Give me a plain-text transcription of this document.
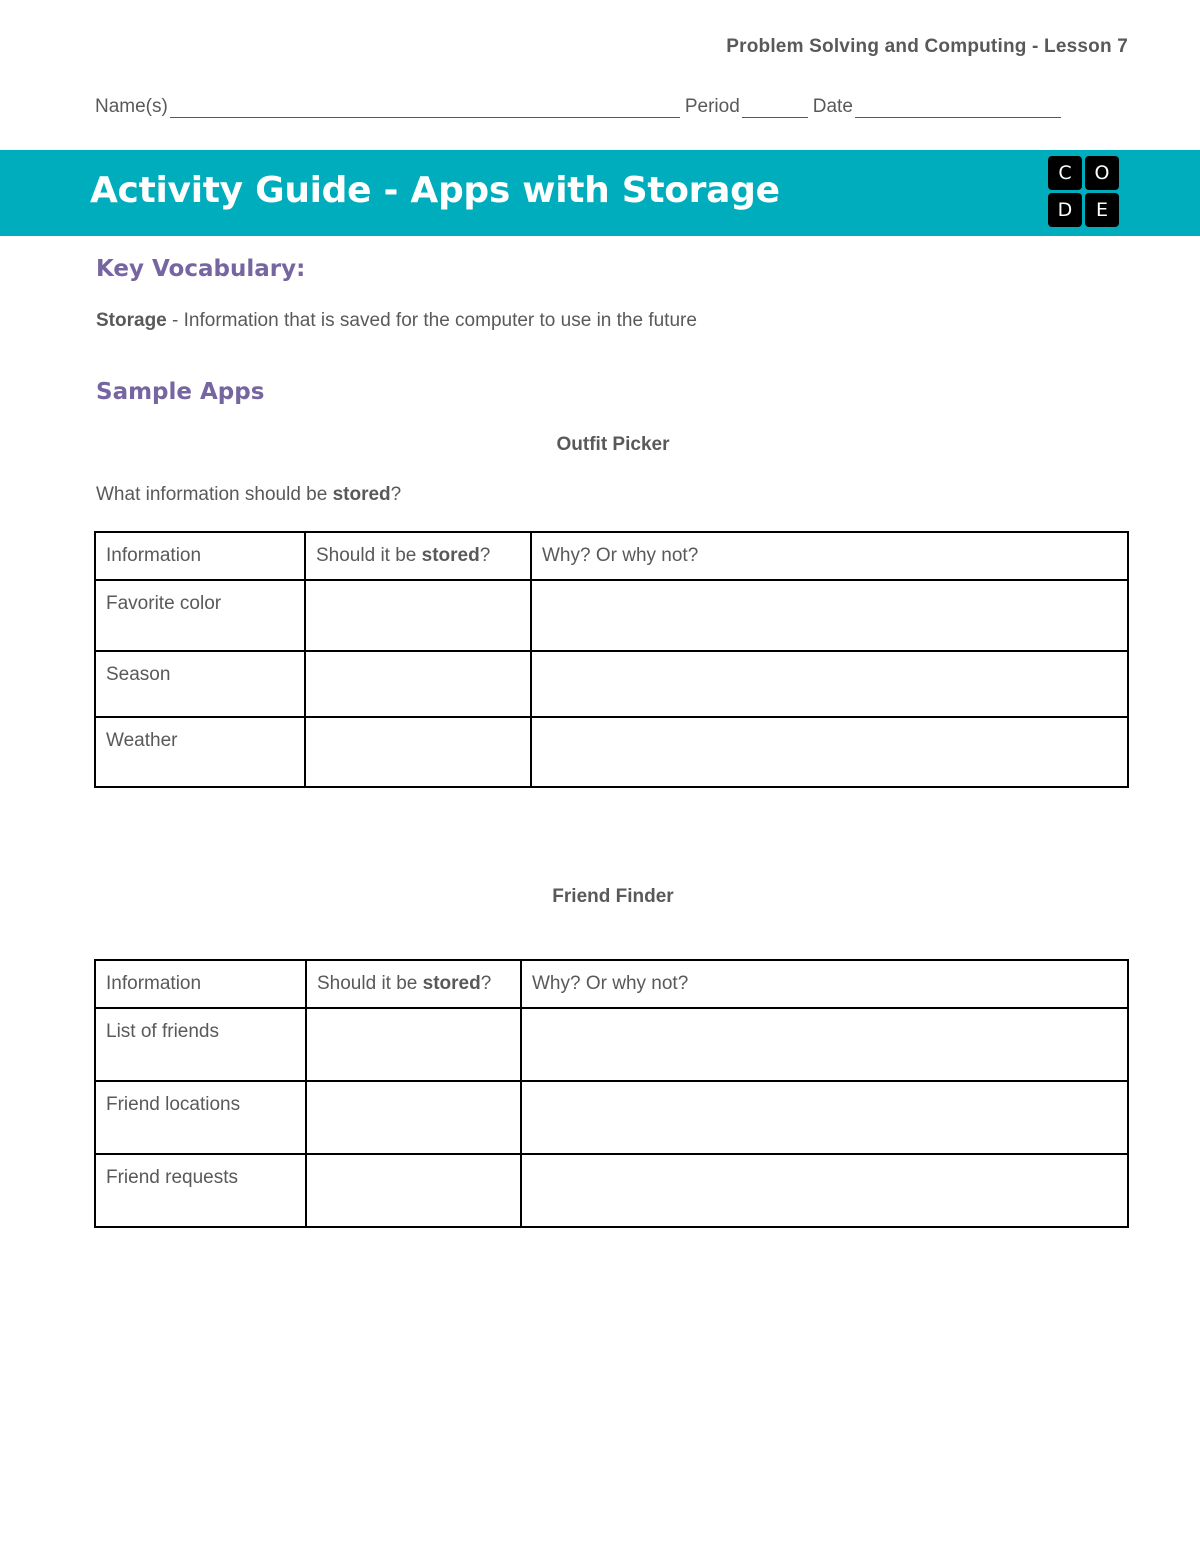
Problem Solving and Computing - Lesson 7
Name(s)	Period	Date
Activity Guide - Apps with Storage	C	O
D	E
Key Vocabulary:
Storage - Information that is saved for the computer to use in the future
Sample Apps
Outfit Picker
What information should be stored?
Information	Should it be stored?	Why? Or why not?
Favorite color		
Season		
Weather		
Friend Finder
Information	Should it be stored?	Why? Or why not?
List of friends		
Friend locations		
Friend requests		
